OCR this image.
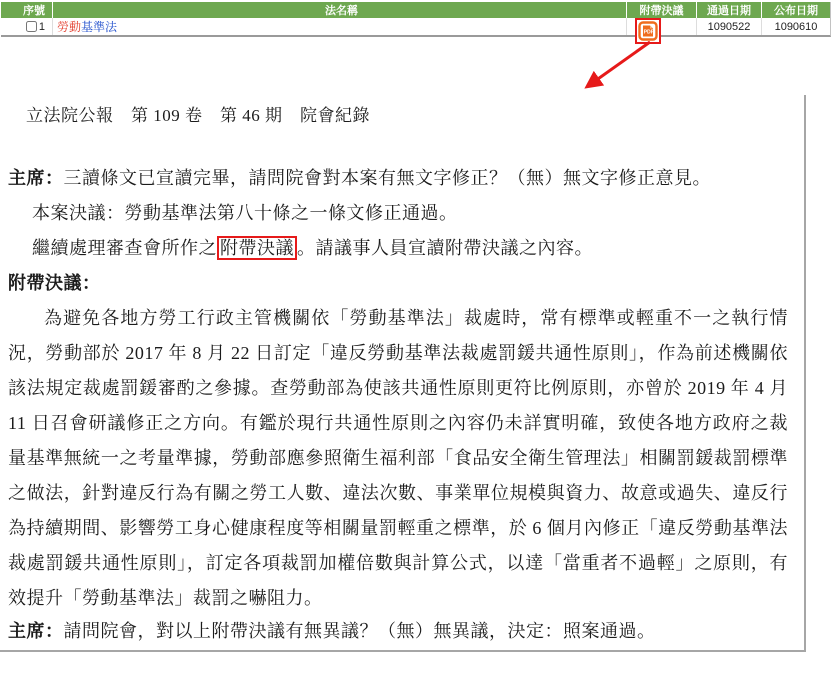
序號	法名稱	附帶決議	通過日期	公布日期
1 勞動基準法	PDF	1090522	1090610

立法院公報　第 109 卷　第 46 期　院會紀錄

主席：三讀條文已宣讀完畢，請問院會對本案有無文字修正？（無）無文字修正意見。

本案決議：勞動基準法第八十條之一條文修正通過。

繼續處理審查會所作之 附帶決議 。請議事人員宣讀附帶決議之內容。

附帶決議：

為避免各地方勞工行政主管機關依「勞動基準法」裁處時，常有標準或輕重不一之執行情況，勞動部於 2017 年 8 月 22 日訂定「違反勞動基準法裁處罰鍰共通性原則」，作為前述機關依該法規定裁處罰鍰審酌之參據。查勞動部為使該共通性原則更符比例原則，亦曾於 2019 年 4 月 11 日召會研議修正之方向。有鑑於現行共通性原則之內容仍未詳實明確，致使各地方政府之裁量基準無統一之考量準據，勞動部應參照衛生福利部「食品安全衛生管理法」相關罰鍰裁罰標準之做法，針對違反行為有關之勞工人數、違法次數、事業單位規模與資力、故意或過失、違反行為持續期間、影響勞工身心健康程度等相關量罰輕重之標準，於 6 個月內修正「違反勞動基準法裁處罰鍰共通性原則」，訂定各項裁罰加權倍數與計算公式，以達「當重者不過輕」之原則，有效提升「勞動基準法」裁罰之嚇阻力。

主席：請問院會，對以上附帶決議有無異議？（無）無異議，決定：照案通過。
